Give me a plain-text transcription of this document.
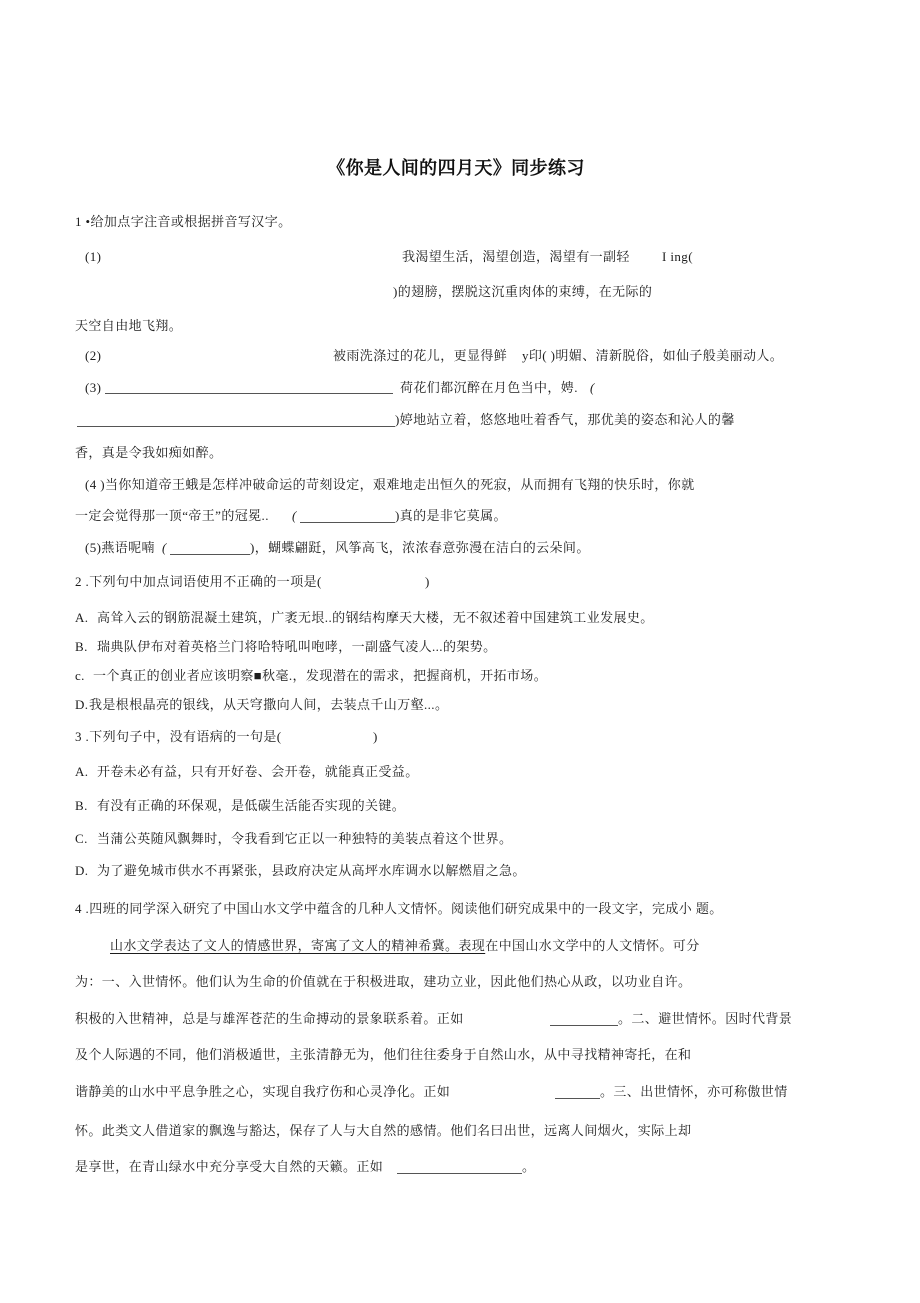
《你是人间的四月天》同步练习
1 •给加点字注音或根据拼音写汉字。
(1)	我渴望生活，渴望创造，渴望有一副轻 I ing(
)的翅膀，摆脱这沉重肉体的束缚，在无际的
天空自由地飞翔。
(2)	被雨洗涤过的花儿，更显得鲜 y印( )明媚、清新脱俗，如仙子般美丽动人。
(3)	荷花们都沉醉在月色当中，娉. (
)婷地站立着，悠悠地吐着香气，那优美的姿态和沁人的馨
香，真是令我如痴如醉。
(4 )当你知道帝王蛾是怎样冲破命运的苛刻设定，艰难地走出恒久的死寂，从而拥有飞翔的快乐时，你就
一定会觉得那一顶“帝王”的冠冕.. (	)真的是非它莫属。
(5)燕语呢喃 (	)，蝴蝶翩跹，风筝高飞，浓浓春意弥漫在洁白的云朵间。
2 .下列句中加点词语使用不正确的一项是(	)
A. 高耸入云的钢筋混凝土建筑，广袤无垠..的钢结构摩天大楼，无不叙述着中国建筑工业发展史。
B. 瑞典队伊布对着英格兰门将哈特吼叫咆哮，一副盛气凌人...的架势。
c. 一个真正的创业者应该明察■秋毫.，发现潜在的需求，把握商机，开拓市场。
D. 我是根根晶亮的银线，从天穹撒向人间，去装点千山万壑...。
3 .下列句子中，没有语病的一句是(	)
A. 开卷未必有益，只有开好卷、会开卷，就能真正受益。
B. 有没有正确的环保观，是低碳生活能否实现的关键。
C. 当蒲公英随风飘舞时，令我看到它正以一种独特的美装点着这个世界。
D. 为了避免城市供水不再紧张，县政府决定从高坪水库调水以解燃眉之急。
4 .四班的同学深入研究了中国山水文学中蕴含的几种人文情怀。阅读他们研究成果中的一段文字，完成小 题。
山水文学表达了文人的情感世界，寄寓了文人的精神希冀。表现在中国山水文学中的人文情怀。可分
为：一、入世情怀。他们认为生命的价值就在于积极进取，建功立业，因此他们热心从政，以功业自许。
积极的入世精神，总是与雄浑苍茫的生命搏动的景象联系着。正如	。二、避世情怀。因时代背景
及个人际遇的不同，他们消极遁世，主张清静无为，他们往往委身于自然山水，从中寻找精神寄托，在和
谐静美的山水中平息争胜之心，实现自我疗伤和心灵净化。正如	。三、出世情怀，亦可称傲世情
怀。此类文人借道家的飘逸与豁达，保存了人与大自然的感情。他们名曰出世，远离人间烟火，实际上却
是享世，在青山绿水中充分享受大自然的天籁。正如	。
